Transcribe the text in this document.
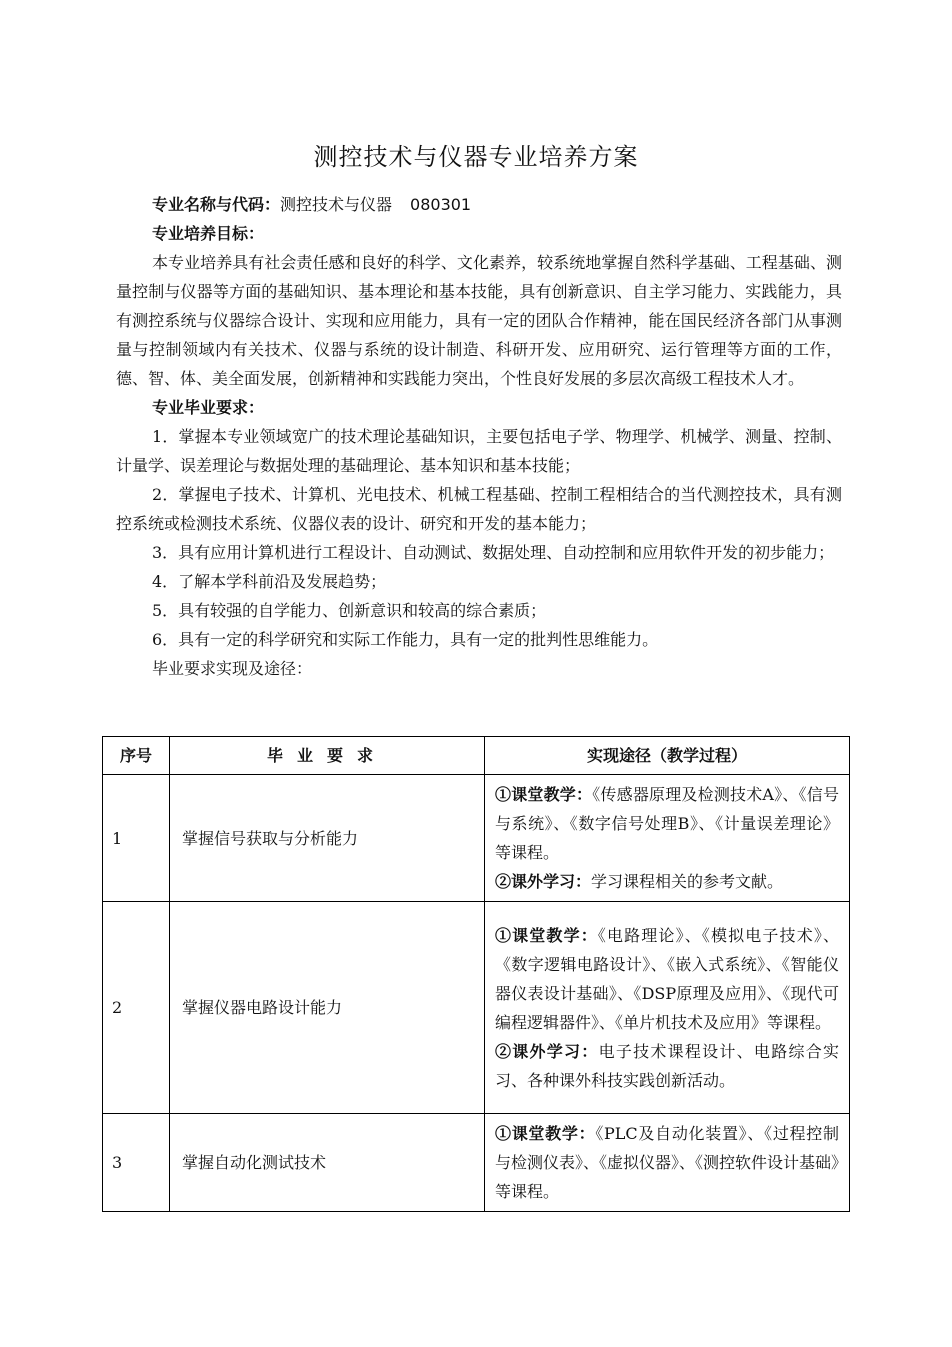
测控技术与仪器专业培养方案

专业名称与代码：测控技术与仪器 080301

专业培养目标：

本专业培养具有社会责任感和良好的科学、文化素养，较系统地掌握自然科学基础、工程基础、测量控制与仪器等方面的基础知识、基本理论和基本技能，具有创新意识、自主学习能力、实践能力，具有测控系统与仪器综合设计、实现和应用能力，具有一定的团队合作精神，能在国民经济各部门从事测量与控制领域内有关技术、仪器与系统的设计制造、科研开发、应用研究、运行管理等方面的工作，德、智、体、美全面发展，创新精神和实践能力突出，个性良好发展的多层次高级工程技术人才。

专业毕业要求：

1．掌握本专业领域宽广的技术理论基础知识，主要包括电子学、物理学、机械学、测量、控制、计量学、误差理论与数据处理的基础理论、基本知识和基本技能；

2．掌握电子技术、计算机、光电技术、机械工程基础、控制工程相结合的当代测控技术，具有测控系统或检测技术系统、仪器仪表的设计、研究和开发的基本能力；

3．具有应用计算机进行工程设计、自动测试、数据处理、自动控制和应用软件开发的初步能力；

4．了解本学科前沿及发展趋势；

5．具有较强的自学能力、创新意识和较高的综合素质；

6．具有一定的科学研究和实际工作能力，具有一定的批判性思维能力。

毕业要求实现及途径：

序号	毕业要求	实现途径（教学过程）
1	掌握信号获取与分析能力	①课堂教学：《传感器原理及检测技术A》、《信号与系统》、《数字信号处理B》、《计量误差理论》等课程。

②课外学习：学习课程相关的参考文献。

2	掌握仪器电路设计能力	①课堂教学：《电路理论》、《模拟电子技术》、《数字逻辑电路设计》、《嵌入式系统》、《智能仪器仪表设计基础》、《DSP原理及应用》、《现代可编程逻辑器件》、《单片机技术及应用》等课程。

②课外学习：电子技术课程设计、电路综合实习、各种课外科技实践创新活动。

3	掌握自动化测试技术	①课堂教学：《PLC及自动化装置》、《过程控制与检测仪表》、《虚拟仪器》、《测控软件设计基础》等课程。
